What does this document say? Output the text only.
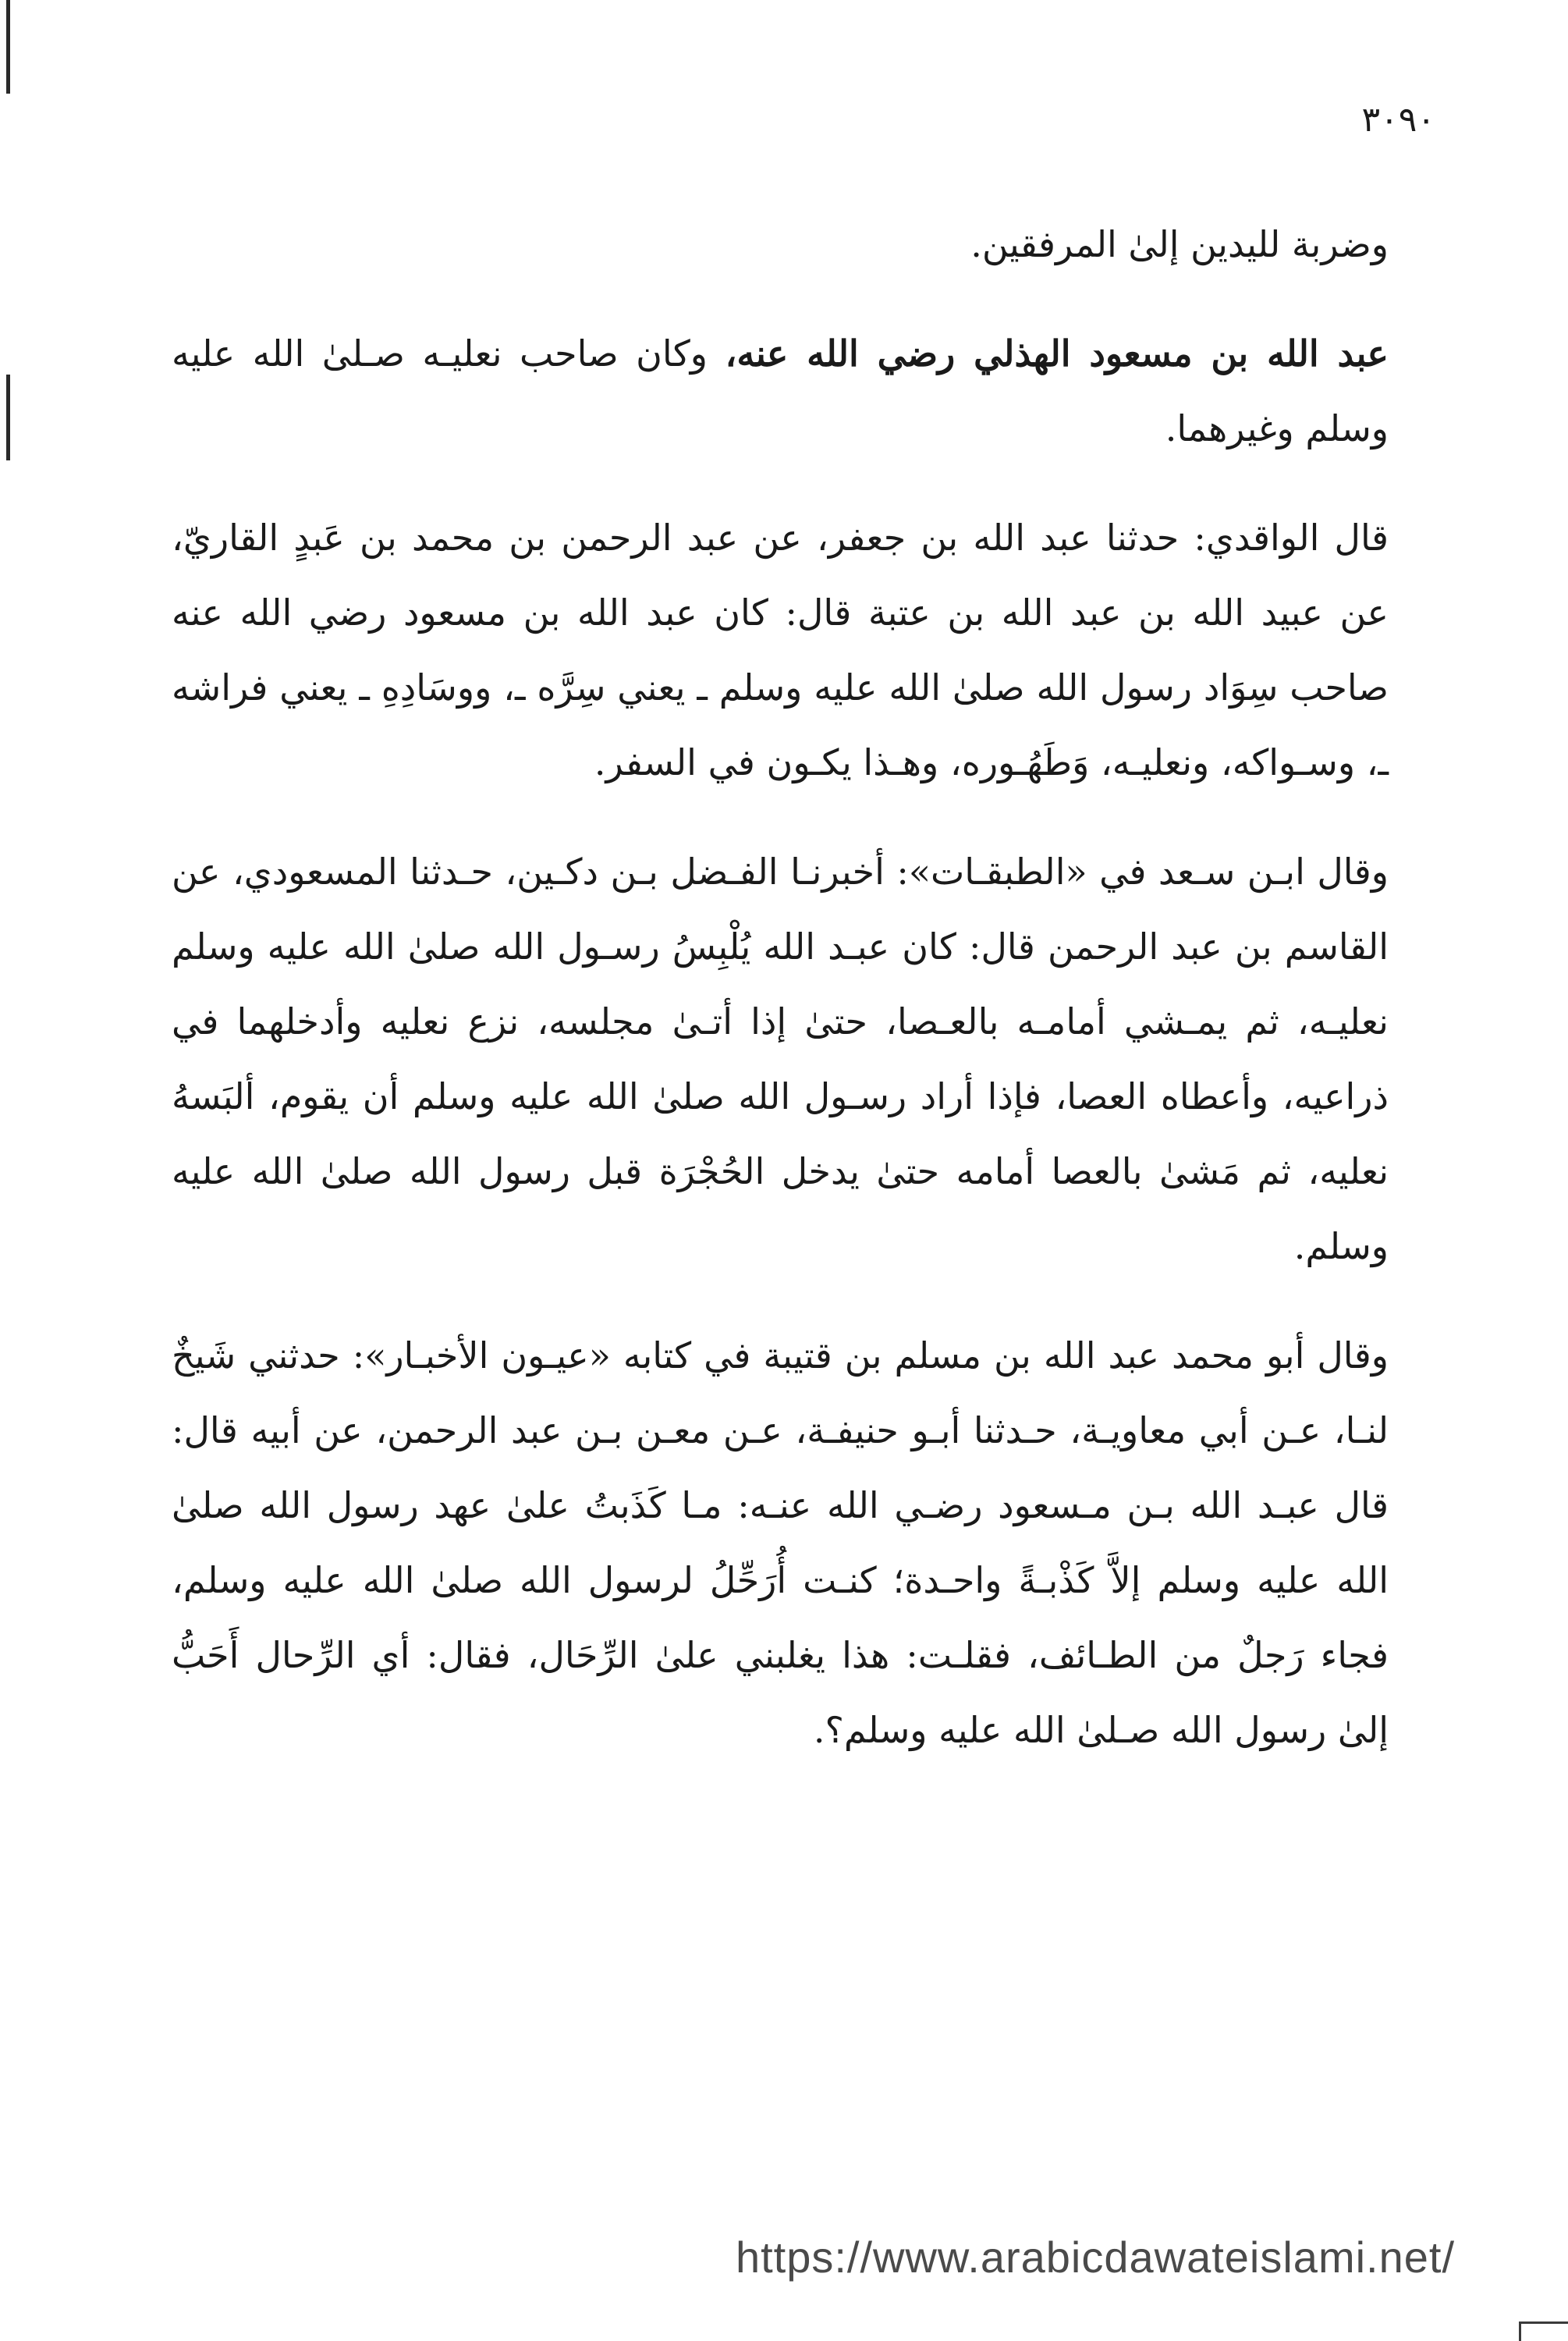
٣٠٩٠

وضربة لليدين إلىٰ المرفقين.

عبد الله بن مسعود الهذلي رضي الله عنه، وكان صاحب نعليـه صـلىٰ الله عليه وسلم وغيرهما.

قال الواقدي: حدثنا عبد الله بن جعفر، عن عبد الرحمن بن محمد بن عَبدٍ القاريّ، عن عبيد الله بن عبد الله بن عتبة قال: كان عبد الله بن مسعود رضي الله عنه صاحب سِوَاد رسول الله صلىٰ الله عليه وسلم ـ يعني سِرَّه ـ، ووسَادِهِ ـ يعني فراشه ـ، وسـواكه، ونعليـه، وَطَهُـوره، وهـذا يكـون في السفر.

وقال ابـن سـعد في «الطبقـات»: أخبرنـا الفـضل بـن دكـين، حـدثنا المسعودي، عن القاسم بن عبد الرحمن قال: كان عبـد الله يُلْبِسُ رسـول الله صلىٰ الله عليه وسلم نعليـه، ثم يمـشي أمامـه بالعـصا، حتىٰ إذا أتـىٰ مجلسه، نزع نعليه وأدخلهما في ذراعيه، وأعطاه العصا، فإذا أراد رسـول الله صلىٰ الله عليه وسلم أن يقوم، ألبَسهُ نعليه، ثم مَشىٰ بالعصا أمامه حتىٰ يدخل الحُجْرَة قبل رسول الله صلىٰ الله عليه وسلم.

وقال أبو محمد عبد الله بن مسلم بن قتيبة في كتابه «عيـون الأخبـار»: حدثني شَيخٌ لنـا، عـن أبي معاويـة، حـدثنا أبـو حنيفـة، عـن معـن بـن عبد الرحمن، عن أبيه قال: قال عبـد الله بـن مـسعود رضـي الله عنـه: مـا كَذَبتُ علىٰ عهد رسول الله صلىٰ الله عليه وسلم إلاَّ كَذْبـةً واحـدة؛ كنـت أُرَحِّلُ لرسول الله صلىٰ الله عليه وسلم، فجاء رَجلٌ من الطـائف، فقلـت: هذا يغلبني علىٰ الرِّحَال، فقال: أي الرِّحال أَحَبُّ إلىٰ رسول الله صـلىٰ الله عليه وسلم؟.

https://www.arabicdawateislami.net/
